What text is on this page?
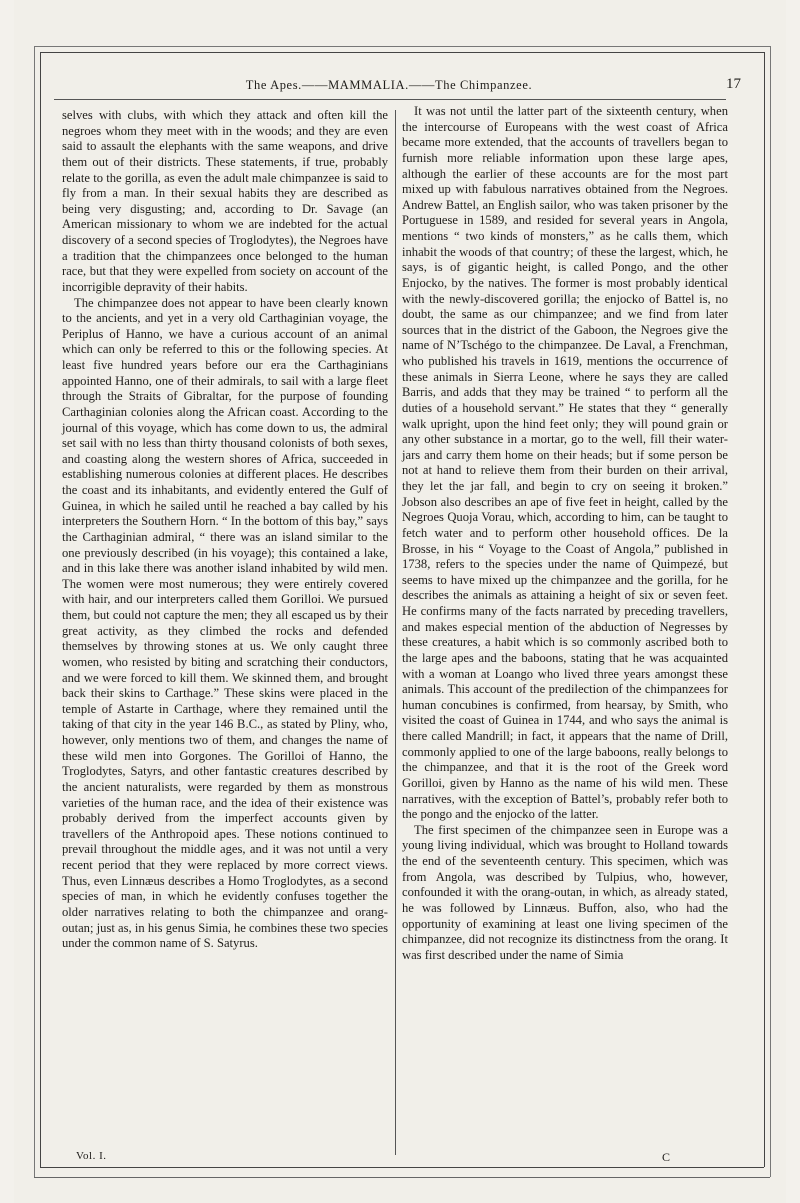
The Apes.——MAMMALIA.——The Chimpanzee.	17

selves with clubs, with which they attack and often kill the negroes whom they meet with in the woods; and they are even said to assault the elephants with the same weapons, and drive them out of their districts. These statements, if true, probably relate to the gorilla, as even the adult male chimpanzee is said to fly from a man. In their sexual habits they are described as being very disgusting; and, according to Dr. Savage (an American missionary to whom we are indebted for the actual discovery of a second species of Troglodytes), the Negroes have a tradition that the chimpanzees once belonged to the human race, but that they were expelled from society on account of the incorrigible depravity of their habits.

The chimpanzee does not appear to have been clearly known to the ancients, and yet in a very old Carthaginian voyage, the Periplus of Hanno, we have a curious account of an animal which can only be referred to this or the following species. At least five hundred years before our era the Carthaginians appointed Hanno, one of their admirals, to sail with a large fleet through the Straits of Gibraltar, for the purpose of founding Carthaginian colonies along the African coast. According to the journal of this voyage, which has come down to us, the admiral set sail with no less than thirty thousand colonists of both sexes, and coasting along the western shores of Africa, succeeded in establishing numerous colonies at different places. He describes the coast and its inhabitants, and evidently entered the Gulf of Guinea, in which he sailed until he reached a bay called by his interpreters the Southern Horn. “ In the bottom of this bay,” says the Carthaginian admiral, “ there was an island similar to the one previously described (in his voyage); this contained a lake, and in this lake there was another island inhabited by wild men. The women were most numerous; they were entirely covered with hair, and our interpreters called them Gorilloi. We pursued them, but could not capture the men; they all escaped us by their great activity, as they climbed the rocks and defended themselves by throwing stones at us. We only caught three women, who resisted by biting and scratching their conductors, and we were forced to kill them. We skinned them, and brought back their skins to Carthage.” These skins were placed in the temple of Astarte in Carthage, where they remained until the taking of that city in the year 146 B.C., as stated by Pliny, who, however, only mentions two of them, and changes the name of these wild men into Gorgones. The Gorilloi of Hanno, the Troglodytes, Satyrs, and other fantastic creatures described by the ancient naturalists, were regarded by them as monstrous varieties of the human race, and the idea of their existence was probably derived from the imperfect accounts given by travellers of the Anthropoid apes. These notions continued to prevail throughout the middle ages, and it was not until a very recent period that they were replaced by more correct views. Thus, even Linnæus describes a Homo Troglodytes, as a second species of man, in which he evidently confuses together the older narratives relating to both the chimpanzee and orang-outan; just as, in his genus Simia, he combines these two species under the common name of S. Satyrus.

It was not until the latter part of the sixteenth century, when the intercourse of Europeans with the west coast of Africa became more extended, that the accounts of travellers began to furnish more reliable information upon these large apes, although the earlier of these accounts are for the most part mixed up with fabulous narratives obtained from the Negroes. Andrew Battel, an English sailor, who was taken prisoner by the Portuguese in 1589, and resided for several years in Angola, mentions “ two kinds of monsters,” as he calls them, which inhabit the woods of that country; of these the largest, which, he says, is of gigantic height, is called Pongo, and the other Enjocko, by the natives. The former is most probably identical with the newly-discovered gorilla; the enjocko of Battel is, no doubt, the same as our chimpanzee; and we find from later sources that in the district of the Gaboon, the Negroes give the name of N’Tschégo to the chimpanzee. De Laval, a Frenchman, who published his travels in 1619, mentions the occurrence of these animals in Sierra Leone, where he says they are called Barris, and adds that they may be trained “ to perform all the duties of a household servant.” He states that they “ generally walk upright, upon the hind feet only; they will pound grain or any other substance in a mortar, go to the well, fill their water-jars and carry them home on their heads; but if some person be not at hand to relieve them from their burden on their arrival, they let the jar fall, and begin to cry on seeing it broken.” Jobson also describes an ape of five feet in height, called by the Negroes Quoja Vorau, which, according to him, can be taught to fetch water and to perform other household offices. De la Brosse, in his “ Voyage to the Coast of Angola,” published in 1738, refers to the species under the name of Quimpezé, but seems to have mixed up the chimpanzee and the gorilla, for he describes the animals as attaining a height of six or seven feet. He confirms many of the facts narrated by preceding travellers, and makes especial mention of the abduction of Negresses by these creatures, a habit which is so commonly ascribed both to the large apes and the baboons, stating that he was acquainted with a woman at Loango who lived three years amongst these animals. This account of the predilection of the chimpanzees for human concubines is confirmed, from hearsay, by Smith, who visited the coast of Guinea in 1744, and who says the animal is there called Mandrill; in fact, it appears that the name of Drill, commonly applied to one of the large baboons, really belongs to the chimpanzee, and that it is the root of the Greek word Gorilloi, given by Hanno as the name of his wild men. These narratives, with the exception of Battel’s, probably refer both to the pongo and the enjocko of the latter.

The first specimen of the chimpanzee seen in Europe was a young living individual, which was brought to Holland towards the end of the seventeenth century. This specimen, which was from Angola, was described by Tulpius, who, however, confounded it with the orang-outan, in which, as already stated, he was followed by Linnæus. Buffon, also, who had the opportunity of examining at least one living specimen of the chimpanzee, did not recognize its distinctness from the orang. It was first described under the name of Simia

Vol. I.	C
